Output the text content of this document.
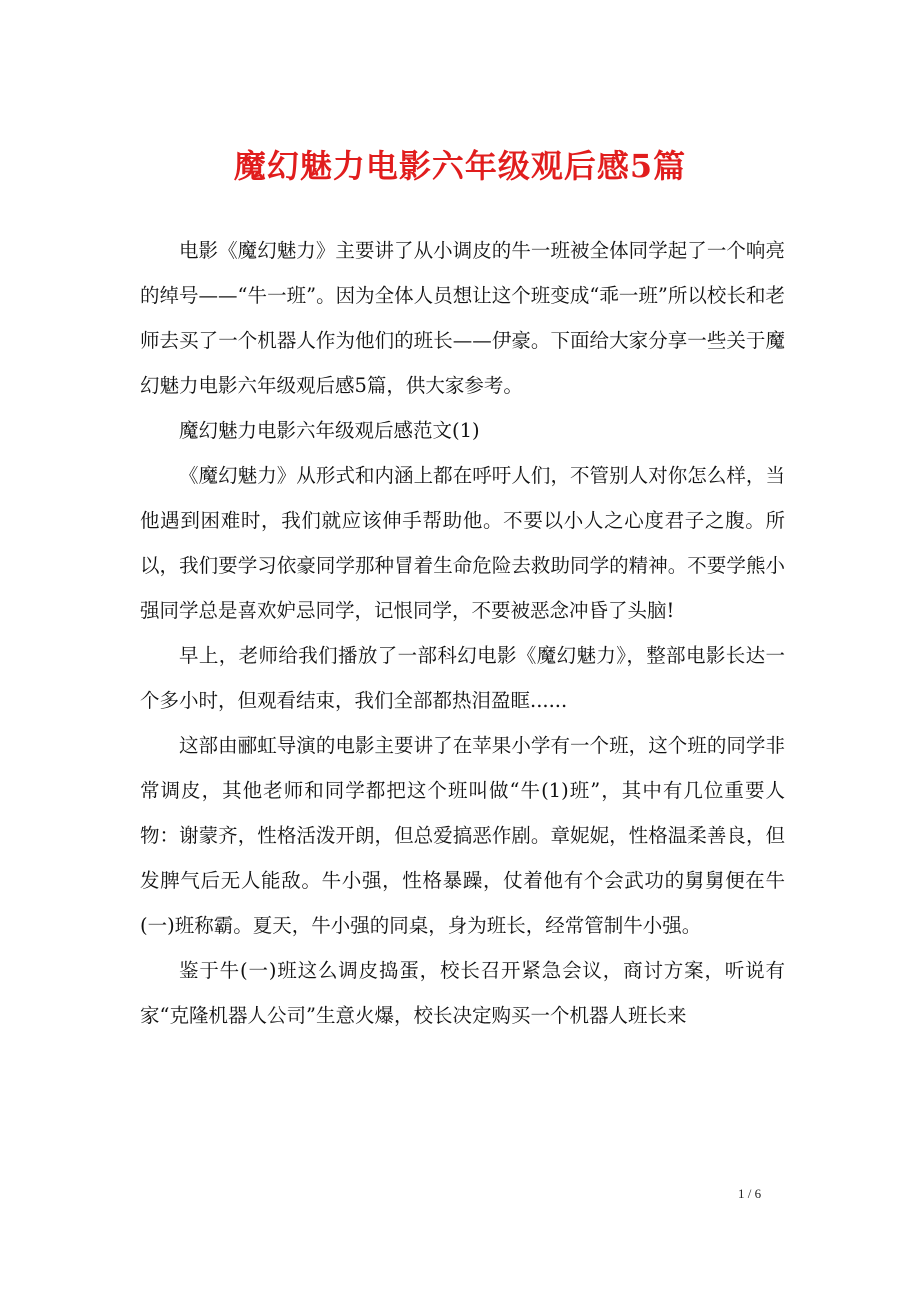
魔幻魅力电影六年级观后感5篇

电影《魔幻魅力》主要讲了从小调皮的牛一班被全体同学起了一个响亮的绰号——“牛一班”。因为全体人员想让这个班变成“乖一班”所以校长和老师去买了一个机器人作为他们的班长——伊豪。下面给大家分享一些关于魔幻魅力电影六年级观后感5篇，供大家参考。

魔幻魅力电影六年级观后感范文(1)

《魔幻魅力》从形式和内涵上都在呼吁人们，不管别人对你怎么样，当他遇到困难时，我们就应该伸手帮助他。不要以小人之心度君子之腹。所以，我们要学习依豪同学那种冒着生命危险去救助同学的精神。不要学熊小强同学总是喜欢妒忌同学，记恨同学，不要被恶念冲昏了头脑!

早上，老师给我们播放了一部科幻电影《魔幻魅力》，整部电影长达一个多小时，但观看结束，我们全部都热泪盈眶......

这部由郦虹导演的电影主要讲了在苹果小学有一个班，这个班的同学非常调皮，其他老师和同学都把这个班叫做“牛(1)班”，其中有几位重要人物：谢蒙齐，性格活泼开朗，但总爱搞恶作剧。章妮妮，性格温柔善良，但发脾气后无人能敌。牛小强，性格暴躁，仗着他有个会武功的舅舅便在牛(一)班称霸。夏天，牛小强的同桌，身为班长，经常管制牛小强。

鉴于牛(一)班这么调皮捣蛋，校长召开紧急会议，商讨方案，听说有家“克隆机器人公司”生意火爆，校长决定购买一个机器人班长来

1 / 6
